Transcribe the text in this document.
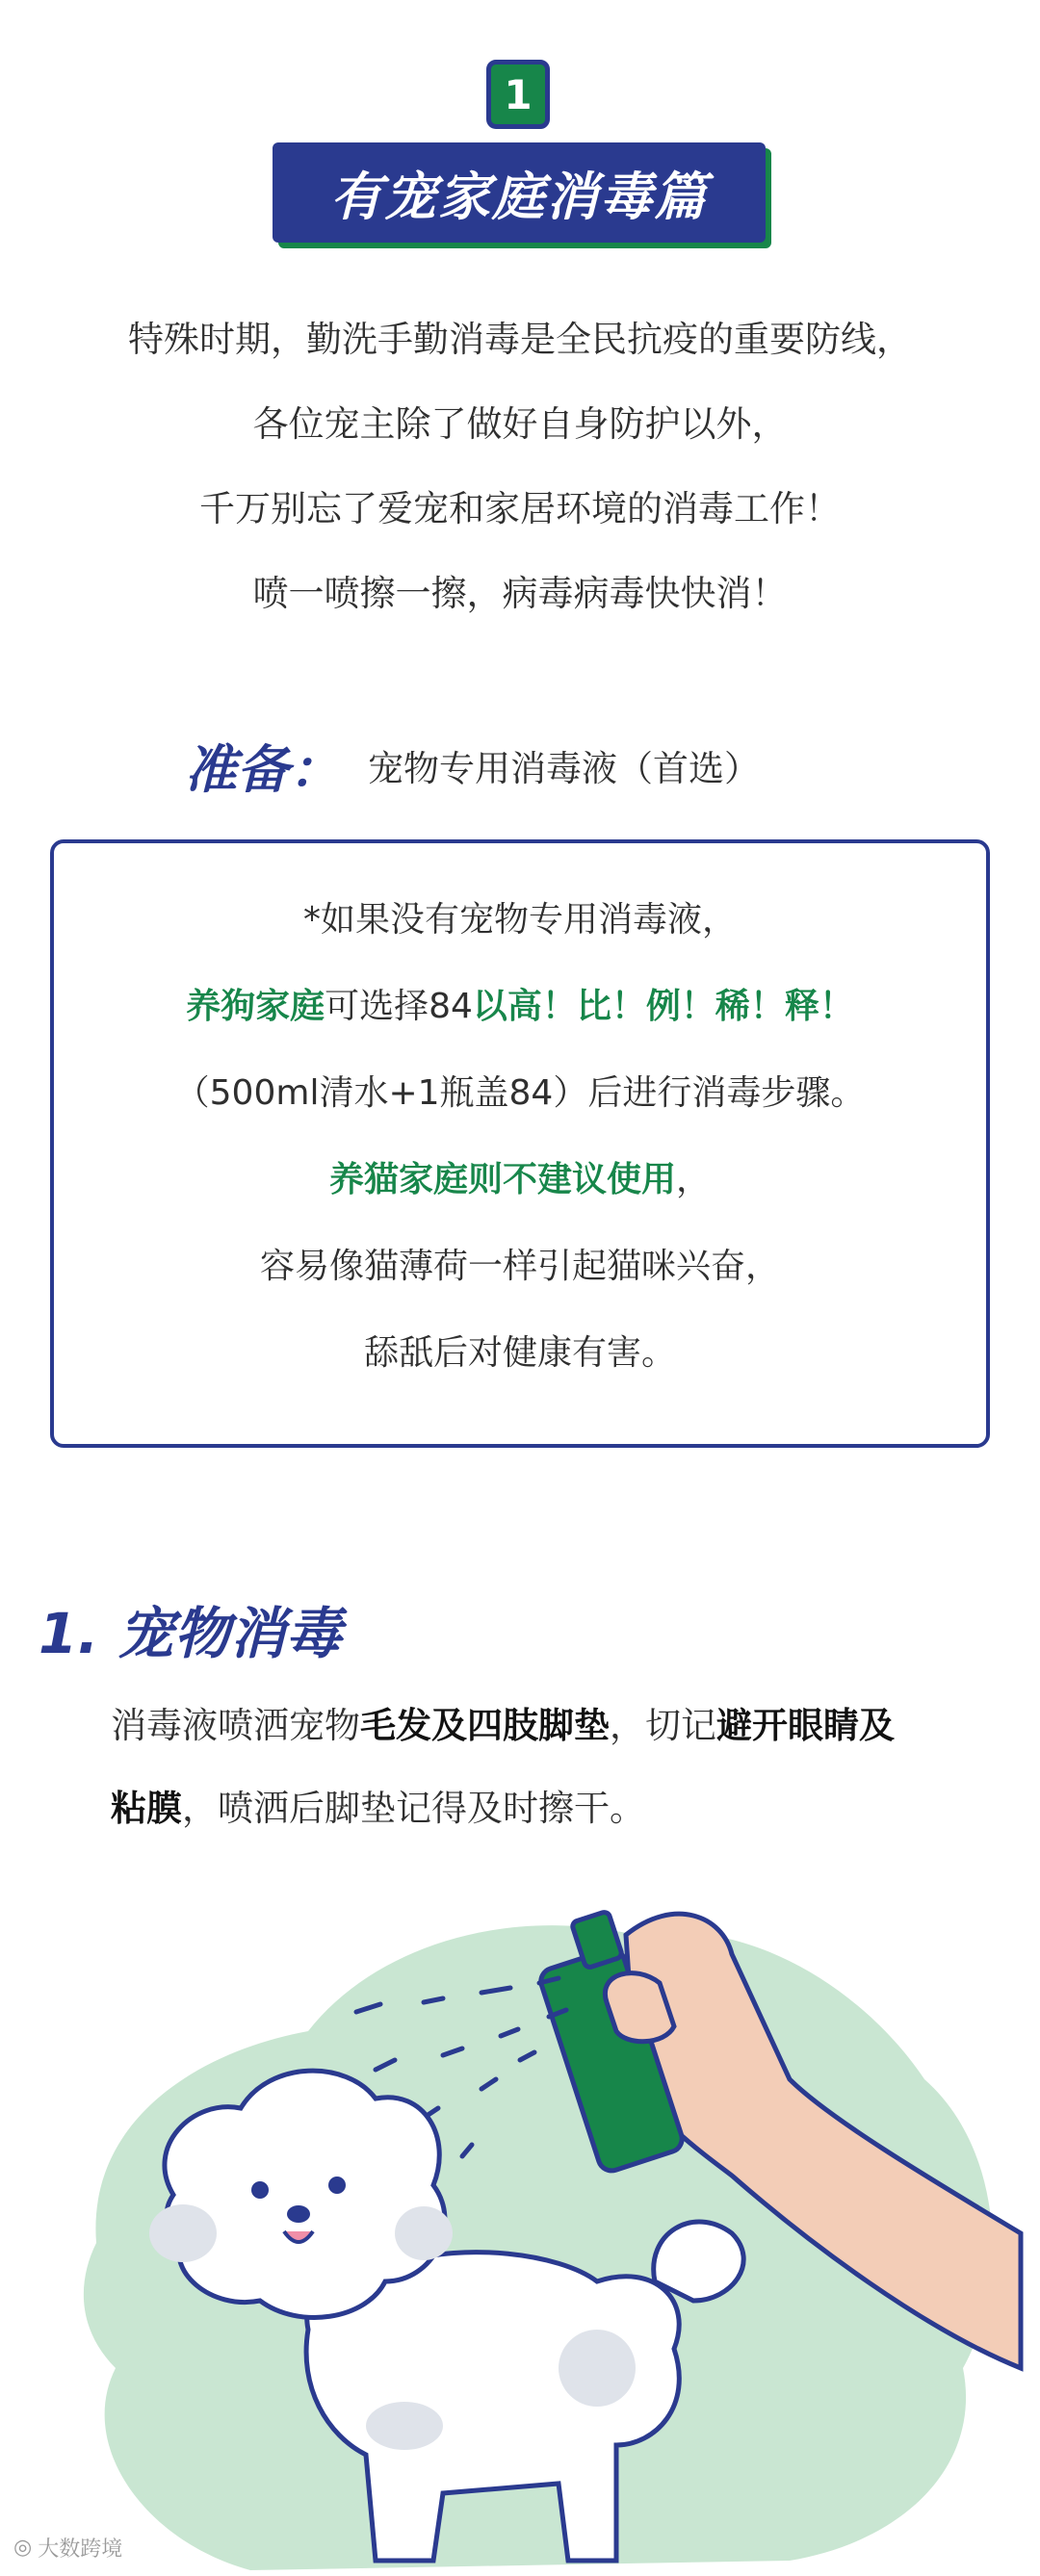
1
有宠家庭消毒篇

特殊时期，勤洗手勤消毒是全民抗疫的重要防线，

各位宠主除了做好自身防护以外，

千万别忘了爱宠和家居环境的消毒工作！

喷一喷擦一擦，病毒病毒快快消！

准备： 宠物专用消毒液（首选）

*如果没有宠物专用消毒液，

养狗家庭可选择84以高！比！例！稀！释！

（500ml清水+1瓶盖84）后进行消毒步骤。

养猫家庭则不建议使用，

容易像猫薄荷一样引起猫咪兴奋，

舔舐后对健康有害。

1. 宠物消毒

消毒液喷洒宠物毛发及四肢脚垫，切记避开眼睛及

粘膜，喷洒后脚垫记得及时擦干。

◎ 大数跨境
